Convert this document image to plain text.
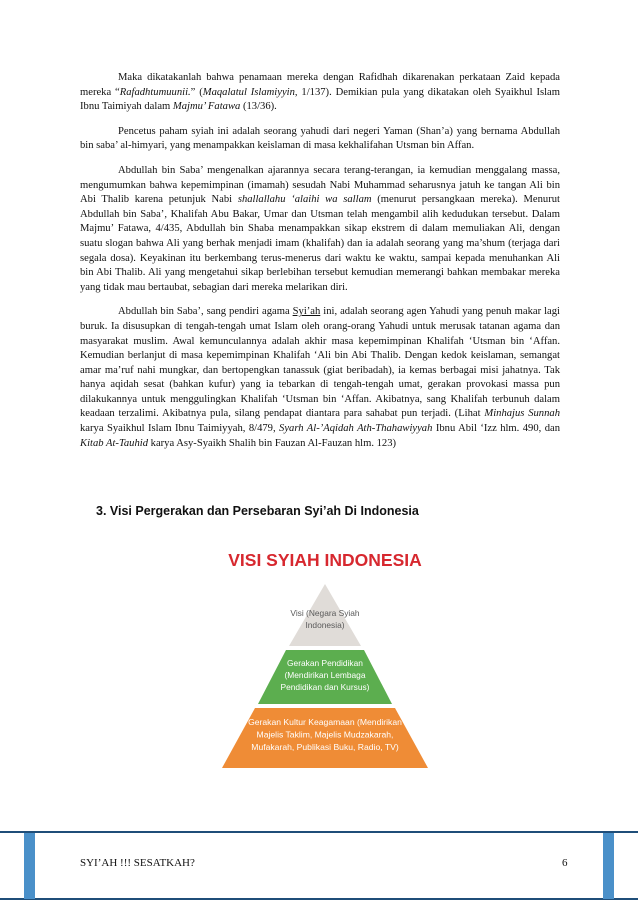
Maka dikatakanlah bahwa penamaan mereka dengan Rafidhah dikarenakan perkataan Zaid kepada mereka “Rafadhtumuunii.” (Maqalatul Islamiyyin, 1/137). Demikian pula yang dikatakan oleh Syaikhul Islam Ibnu Taimiyah dalam Majmu’ Fatawa (13/36).

Pencetus paham syiah ini adalah seorang yahudi dari negeri Yaman (Shan’a) yang bernama Abdullah bin saba’ al-himyari, yang menampakkan keislaman di masa kekhalifahan Utsman bin Affan.

Abdullah bin Saba’ mengenalkan ajarannya secara terang-terangan, ia kemudian menggalang massa, mengumumkan bahwa kepemimpinan (imamah) sesudah Nabi Muhammad seharusnya jatuh ke tangan Ali bin Abi Thalib karena petunjuk Nabi shallallahu ‘alaihi wa sallam (menurut persangkaan mereka). Menurut Abdullah bin Saba’, Khalifah Abu Bakar, Umar dan Utsman telah mengambil alih kedudukan tersebut. Dalam Majmu’ Fatawa, 4/435, Abdullah bin Shaba menampakkan sikap ekstrem di dalam memuliakan Ali, dengan suatu slogan bahwa Ali yang berhak menjadi imam (khalifah) dan ia adalah seorang yang ma’shum (terjaga dari segala dosa). Keyakinan itu berkembang terus-menerus dari waktu ke waktu, sampai kepada menuhankan Ali bin Abi Thalib. Ali yang mengetahui sikap berlebihan tersebut kemudian memerangi bahkan membakar mereka yang tidak mau bertaubat, sebagian dari mereka melarikan diri.

Abdullah bin Saba’, sang pendiri agama Syi’ah ini, adalah seorang agen Yahudi yang penuh makar lagi buruk. Ia disusupkan di tengah-tengah umat Islam oleh orang-orang Yahudi untuk merusak tatanan agama dan masyarakat muslim. Awal kemunculannya adalah akhir masa kepemimpinan Khalifah ‘Utsman bin ‘Affan. Kemudian berlanjut di masa kepemimpinan Khalifah ‘Ali bin Abi Thalib. Dengan kedok keislaman, semangat amar ma’ruf nahi mungkar, dan bertopengkan tanassuk (giat beribadah), ia kemas berbagai misi jahatnya. Tak hanya aqidah sesat (bahkan kufur) yang ia tebarkan di tengah-tengah umat, gerakan provokasi massa pun dilakukannya untuk menggulingkan Khalifah ‘Utsman bin ‘Affan. Akibatnya, sang Khalifah terbunuh dalam keadaan terzalimi. Akibatnya pula, silang pendapat diantara para sahabat pun terjadi. (Lihat Minhajus Sunnah karya Syaikhul Islam Ibnu Taimiyyah, 8/479, Syarh Al-’Aqidah Ath-Thahawiyyah Ibnu Abil ‘Izz hlm. 490, dan Kitab At-Tauhid karya Asy-Syaikh Shalih bin Fauzan Al-Fauzan hlm. 123)

3. Visi Pergerakan dan Persebaran Syi’ah Di Indonesia
VISI SYIAH INDONESIA
Visi (Negara Syiah
Indonesia)
Gerakan Pendidikan
(Mendirikan Lembaga
Pendidikan dan Kursus)
Gerakan Kultur Keagamaan (Mendirikan
Majelis Taklim, Majelis Mudzakarah,
Mufakarah, Publikasi Buku, Radio, TV)
SYI’AH !!! SESATKAH?	6
